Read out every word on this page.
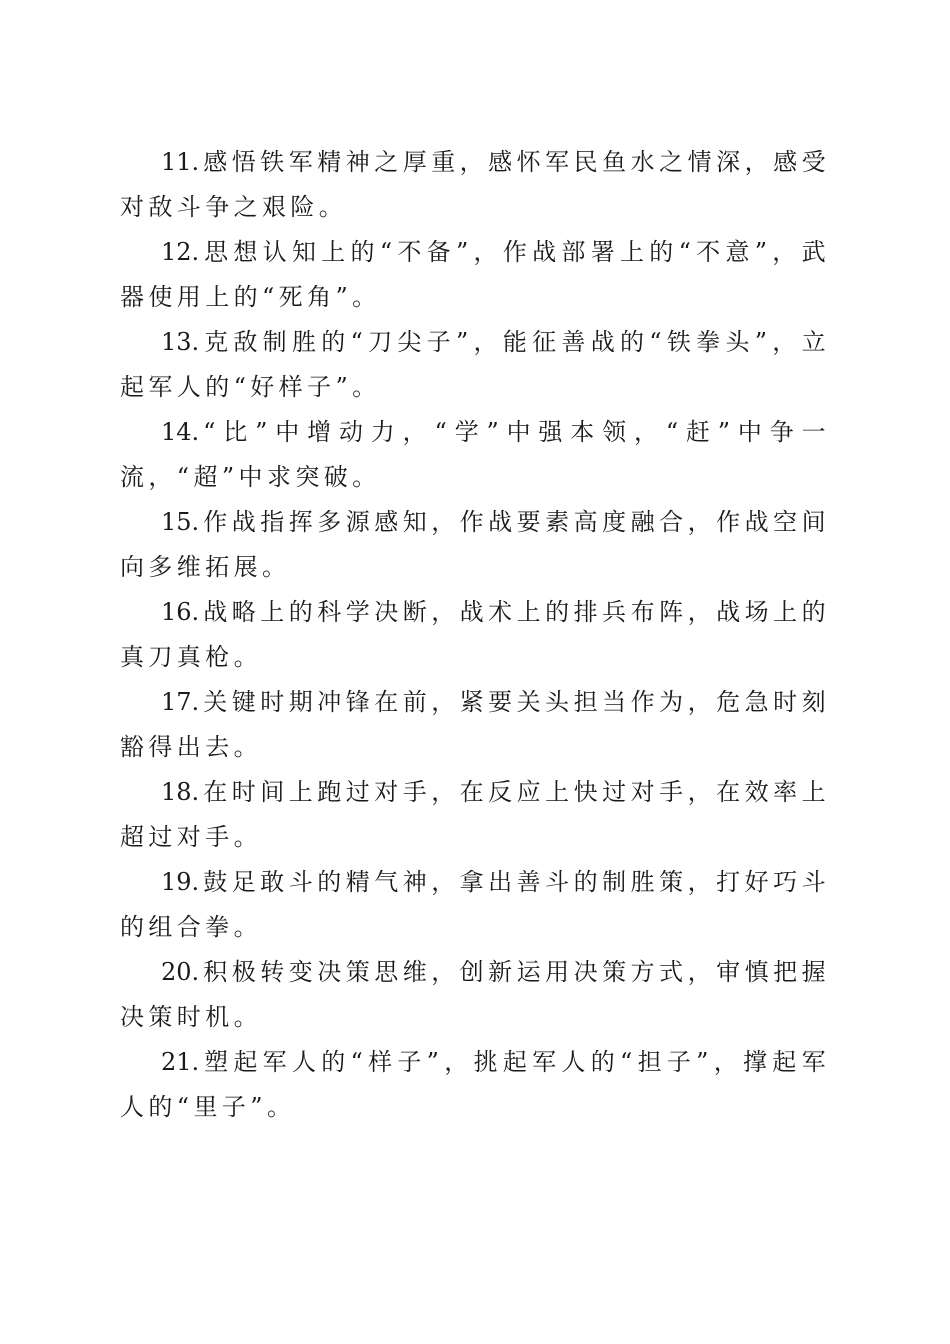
11. 感悟铁军精神之厚重，感怀军民鱼水之情深，感受对敌斗争之艰险。

12. 思想认知上的“不备”，作战部署上的“不意”，武器使用上的“死角”。

13. 克敌制胜的“刀尖子”，能征善战的“铁拳头”，立起军人的“好样子”。

14. “比”中增动力，“学”中强本领，“赶”中争一流，“超”中求突破。

15. 作战指挥多源感知，作战要素高度融合，作战空间向多维拓展。

16. 战略上的科学决断，战术上的排兵布阵，战场上的真刀真枪。

17. 关键时期冲锋在前，紧要关头担当作为，危急时刻豁得出去。

18. 在时间上跑过对手，在反应上快过对手，在效率上超过对手。

19. 鼓足敢斗的精气神，拿出善斗的制胜策，打好巧斗的组合拳。

20. 积极转变决策思维，创新运用决策方式，审慎把握决策时机。

21. 塑起军人的“样子”，挑起军人的“担子”，撑起军人的“里子”。
